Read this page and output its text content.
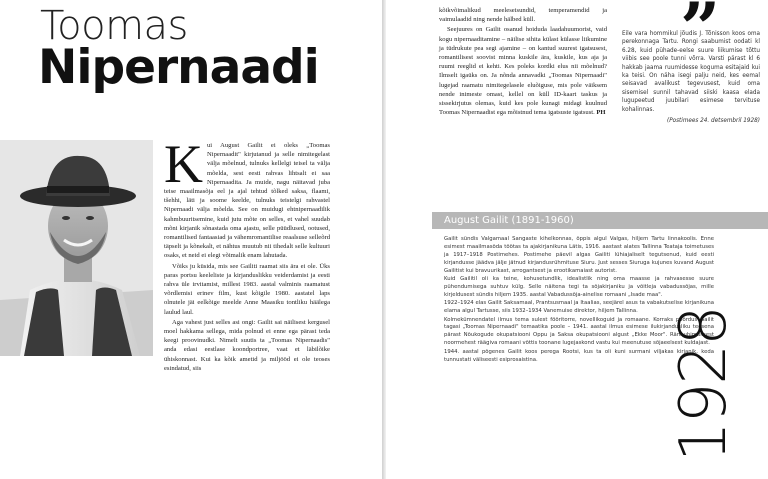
Toomas
Nipernaadi
K ui August Gailit ei oleks „Toomas Nipernaadit" kirjutanud ja selle nimitegelast välja mõelnud, tulnuks kellelgi teisel ta välja mõelda, sest eesti rahvas lihtsalt ei saa Nipernaadita. Ja muide, nagu näitavad juba teise maailmasõja eel ja ajal tehtud tõlked saksa, flaami, tšehhi, läti ja soome keelde, tulnuks teistelgi rahvastel Nipernaadi välja mõelda. See on muidugi ehtnipernaadilik kahmbuuritsemine, kuid jutu mõte on selles, et vahel suudab mõni kirjanik sõnastada oma ajastu, selle püüdlused, ootused, romantilised fantaasiad ja vähemromantilise reaalsuse selleõrd täpselt ja kõnekalt, et nähtus muutub nii tihedalt selle kultuuri osaks, et neid ei elegi võimalik enam lahutada.

Võiks ju küsida, mis see Gailiti raamat siis ära ei ole. Üks paras portsu keeleliste ja kirjanduslikku veiderdamist ja eesti rahva üle irvitamist, millest 1983. aastal valminis raamatust võrdlemisi erinev film, kust kõigile 1980. aastatel laps olnutele jäi eelkõige meelde Anne Maasiku tontliku häälega laulud laul.

Aga vahest just selles asi ongi: Gailit sai näilisest kergusel moel hakkama sellega, mida polnud ei enne ega pärast teda keegi proovinudki. Nimelt suutis ta „Toomas Nipernaadis" anda edasi eestlase koondportree, vaat et läbilõike ühiskonnast. Kui ka kõik ametid ja miljööd ei ole teoses esindatud, siis

kõikvõimalikud meeleseisundid, temperamendid ja vaimulaadid ning nende hälbed küll.

Seejuures on Gailit osanud hoiduda laadahuumorist, vaid kogu nipernaaditamine – näilise sihita külast külasse liikumine ja tüdrukute pea segi ajamine – on kantud suurest igatsusest, romantilisest soovist minna kuskile ära, kuskile, kus aja ja ruumi reeglid ei kehti. Kes poleks kordki elus nii mõelnud? Ilmselt igaüks on. Ja nõnda annavadki „Toomas Nipernaadi" lugejad raamatu nimitegelasele eluõiguse, mis pole väiksem nende inimeste omast, kellel on küll ID-kaart taskus ja sissekirjutus olemas, kuid kes pole kunagi midagi kuulnud Toomas Nipernaadist ega mõistnud tema igatsuste igatsust. PH

”
Eile vara hommikul jõudis J. Tõnisson koos oma perekonnaga Tartu. Rongi saabumist oodati kl 6.28, kuid pühade-eelse suure liikumise tõttu viibis see poole tunni võrra. Varsti pärast kl 6 hakkab jaama ruumidesse koguma esitajaid kui ka teisi. On näha isegi palju neid, kes eemal seisavad avalikust tegevusest, kuid oma sisemisel sunnil tahavad siiski kaasa elada lugupeetud juubilari esimese tervituse kohalinnas.
(Postimees 24. detsembril 1928)
August Gailit (1891-1960)

Gailit sündis Valgamaal Sangaste kihelkonnas, õppis algul Valgas, hiljem Tartu linnakoolis. Enne esimest maailmasõda töötas ta ajakirjanikuna Lätis, 1916. aastast alates Tallinna Teataja toimetuses ja 1917–1918 Postimehes. Postimehe päevil algas Gailiti lühiajaliselt tegutsenud, kuid eesti kirjandusse jäädva jälje jätnud kirjandusrühmituse Siuru. Just sesses Siuruga kujunes kuvand August Gailitist kui bravuurikast, arrogantsest ja erootikamaiast autorist.

Kuid Gailitil oli ka teine, kohusetundlik, idealistlik ning oma maasse ja rahvasesse suure pühendumisega suhtuv külg. Selle näitena tegi ta sõjakirjaniku ja võitleja vabadussõjas, mille kirjeldusest sündis hiljem 1935. aastal Vabadussõja-ainelise romaani „Isade maa".

1922–1924 elas Gailit Saksamaal, Prantsusmaal ja Itaalias, seejärel asus ta vabakutselise kirjanikuna elama algul Tartusse, siis 1932–1934 Vanemuise direktor, hiljem Tallinna.

Kolmekümnendatel ilmus tema sulest fööritorre, novellikoguid ja romaane. Korraks pöördus Gailit tagasi „Toomas Nipernaadi" temaatika poole – 1941. aastal ilmus esimese ilukirjandusliku teosena pärast Nõukogude okupatsiooni Oppu ja Saksa okupatsiooni algust „Ekke Moor". Rännuhimulisest noormehest räägiva romaani võttis toonane lugejaskond vastu kui meenutuse sõjaeelsest kuldajast.

1944. aastal põgenes Gailit koos perega Rootsi, kus ta oli kuni surmani viljakas kirjanik, keda tunnustati väliseesti esiprosaistina.	1928
